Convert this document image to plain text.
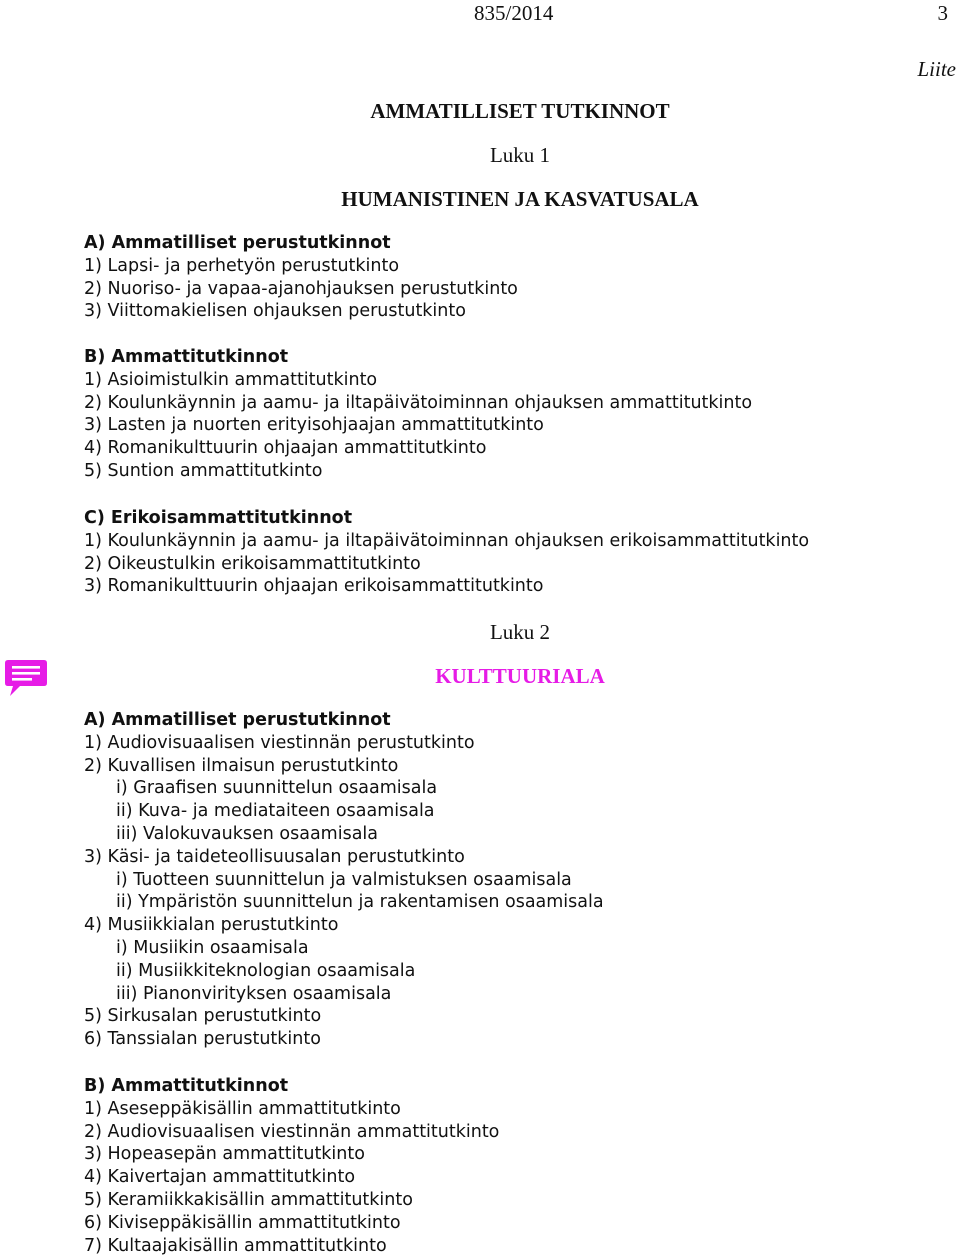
835/2014	3
Liite
AMMATILLISET TUTKINNOT
Luku 1
HUMANISTINEN JA KASVATUSALA
A) Ammatilliset perustutkinnot
1) Lapsi- ja perhetyön perustutkinto
2) Nuoriso- ja vapaa-ajanohjauksen perustutkinto
3) Viittomakielisen ohjauksen perustutkinto
B) Ammattitutkinnot
1) Asioimistulkin ammattitutkinto
2) Koulunkäynnin ja aamu- ja iltapäivätoiminnan ohjauksen ammattitutkinto
3) Lasten ja nuorten erityisohjaajan ammattitutkinto
4) Romanikulttuurin ohjaajan ammattitutkinto
5) Suntion ammattitutkinto
C) Erikoisammattitutkinnot
1) Koulunkäynnin ja aamu- ja iltapäivätoiminnan ohjauksen erikoisammattitutkinto
2) Oikeustulkin erikoisammattitutkinto
3) Romanikulttuurin ohjaajan erikoisammattitutkinto
Luku 2
KULTTUURIALA
A) Ammatilliset perustutkinnot
1) Audiovisuaalisen viestinnän perustutkinto
2) Kuvallisen ilmaisun perustutkinto
i) Graafisen suunnittelun osaamisala
ii) Kuva- ja mediataiteen osaamisala
iii) Valokuvauksen osaamisala
3) Käsi- ja taideteollisuusalan perustutkinto
i) Tuotteen suunnittelun ja valmistuksen osaamisala
ii) Ympäristön suunnittelun ja rakentamisen osaamisala
4) Musiikkialan perustutkinto
i) Musiikin osaamisala
ii) Musiikkiteknologian osaamisala
iii) Pianonvirityksen osaamisala
5) Sirkusalan perustutkinto
6) Tanssialan perustutkinto
B) Ammattitutkinnot
1) Aseseppäkisällin ammattitutkinto
2) Audiovisuaalisen viestinnän ammattitutkinto
3) Hopeasepän ammattitutkinto
4) Kaivertajan ammattitutkinto
5) Keramiikkakisällin ammattitutkinto
6) Kiviseppäkisällin ammattitutkinto
7) Kultaajakisällin ammattitutkinto
